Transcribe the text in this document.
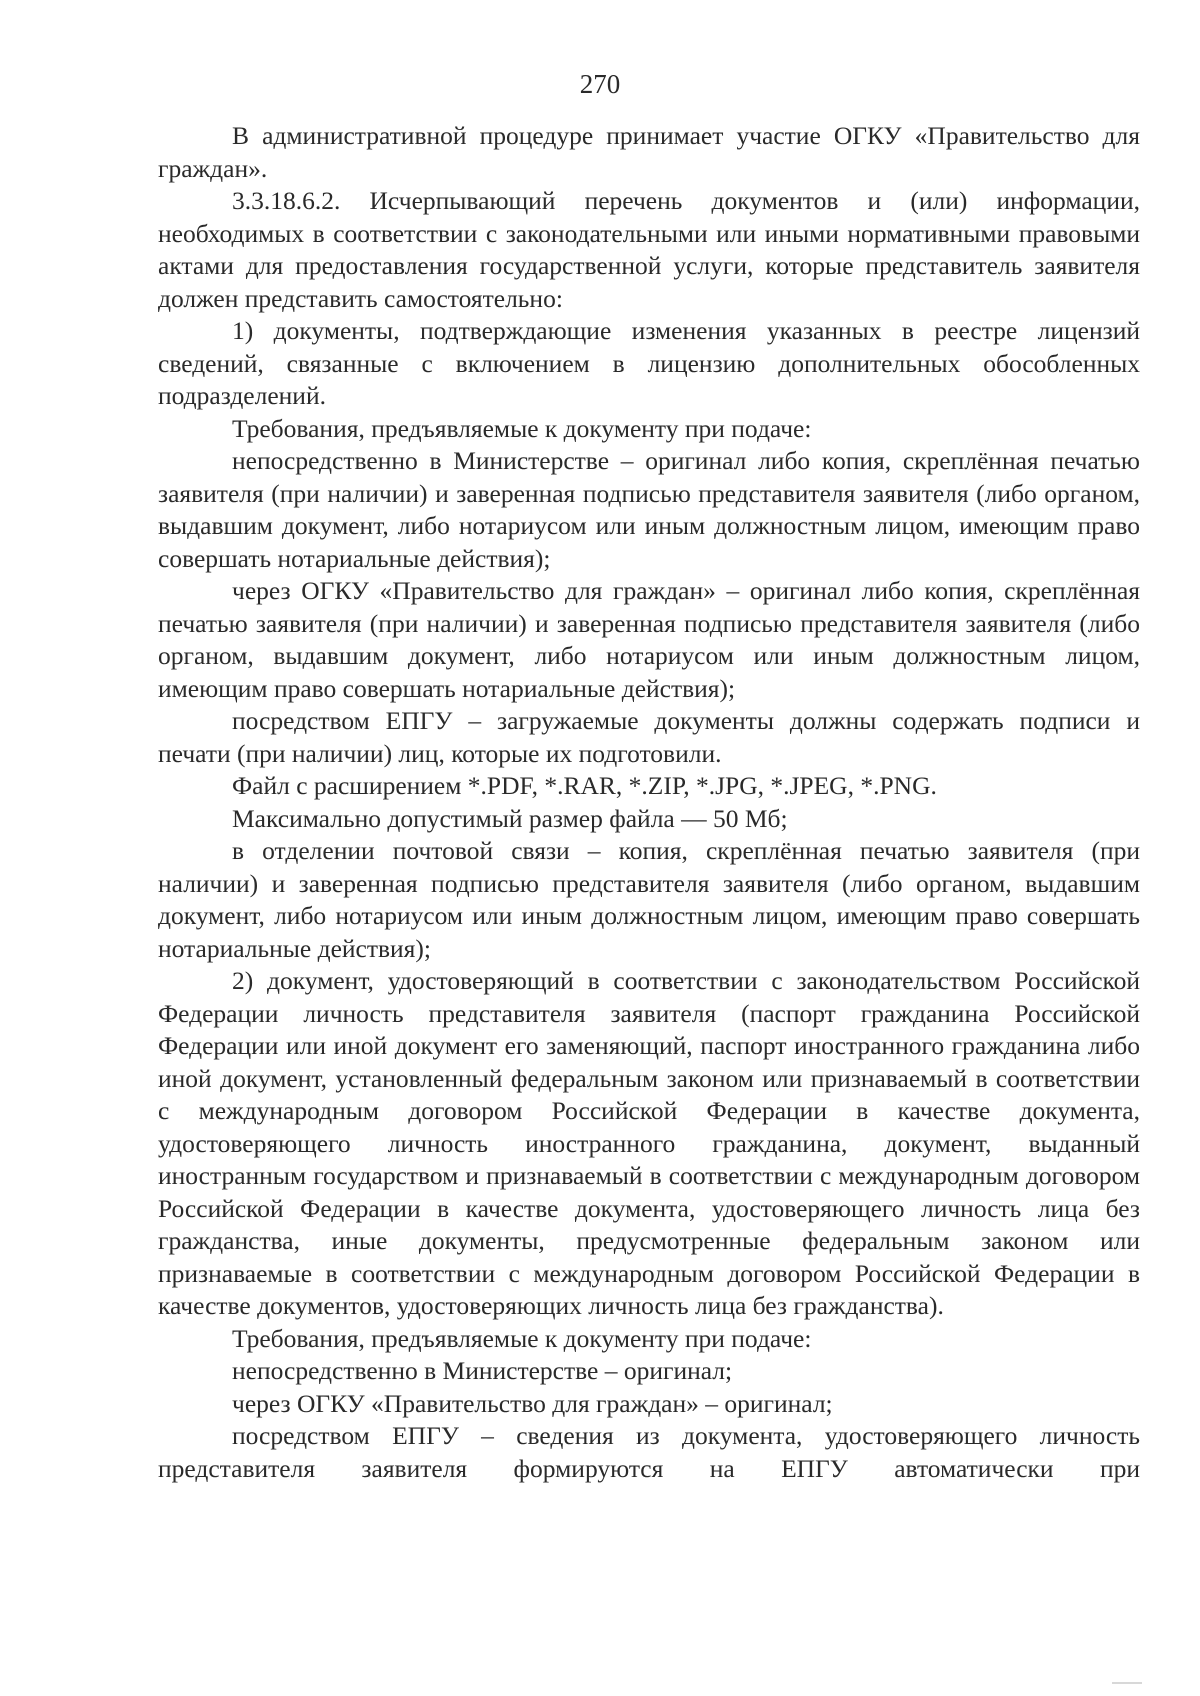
270

В административной процедуре принимает участие ОГКУ «Правительство для граждан».

3.3.18.6.2. Исчерпывающий перечень документов и (или) информации, необходимых в соответствии с законодательными или иными нормативными правовыми актами для предоставления государственной услуги, которые представитель заявителя должен представить самостоятельно:

1) документы, подтверждающие изменения указанных в реестре лицензий сведений, связанные с включением в лицензию дополнительных обособленных подразделений.

Требования, предъявляемые к документу при подаче:

непосредственно в Министерстве – оригинал либо копия, скреплённая печатью заявителя (при наличии) и заверенная подписью представителя заявителя (либо органом, выдавшим документ, либо нотариусом или иным должностным лицом, имеющим право совершать нотариальные действия);

через ОГКУ «Правительство для граждан» – оригинал либо копия, скреплённая печатью заявителя (при наличии) и заверенная подписью представителя заявителя (либо органом, выдавшим документ, либо нотариусом или иным должностным лицом, имеющим право совершать нотариальные действия);

посредством ЕПГУ – загружаемые документы должны содержать подписи и печати (при наличии) лиц, которые их подготовили.

Файл с расширением *.PDF, *.RAR, *.ZIP, *.JPG, *.JPEG, *.PNG.

Максимально допустимый размер файла — 50 Мб;

в отделении почтовой связи – копия, скреплённая печатью заявителя (при наличии) и заверенная подписью представителя заявителя (либо органом, выдавшим документ, либо нотариусом или иным должностным лицом, имеющим право совершать нотариальные действия);

2) документ, удостоверяющий в соответствии с законодательством Российской Федерации личность представителя заявителя (паспорт гражданина Российской Федерации или иной документ его заменяющий, паспорт иностранного гражданина либо иной документ, установленный федеральным законом или признаваемый в соответствии с международным договором Российской Федерации в качестве документа, удостоверяющего личность иностранного гражданина, документ, выданный иностранным государством и признаваемый в соответствии с международным договором Российской Федерации в качестве документа, удостоверяющего личность лица без гражданства, иные документы, предусмотренные федеральным законом или признаваемые в соответствии с международным договором Российской Федерации в качестве документов, удостоверяющих личность лица без гражданства).

Требования, предъявляемые к документу при подаче:

непосредственно в Министерстве – оригинал;

через ОГКУ «Правительство для граждан» – оригинал;

посредством ЕПГУ – сведения из документа, удостоверяющего личность представителя заявителя формируются на ЕПГУ автоматически при
